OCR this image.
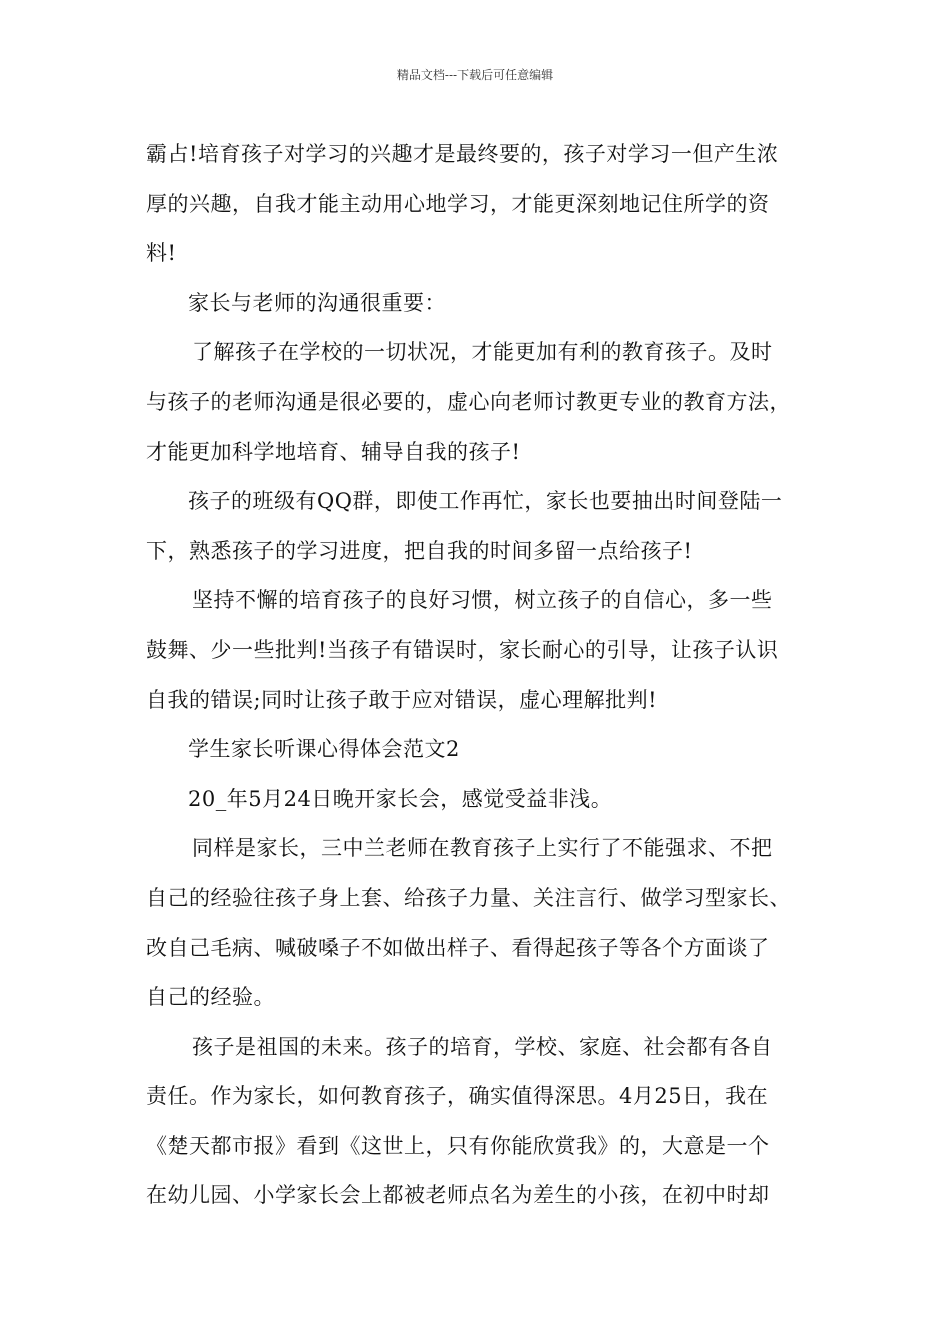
精品文档---下载后可任意编辑
霸占!培育孩子对学习的兴趣才是最终要的，孩子对学习一但产生浓
厚的兴趣，自我才能主动用心地学习，才能更深刻地记住所学的资
料!
家长与老师的沟通很重要：
了解孩子在学校的一切状况，才能更加有利的教育孩子。及时
与孩子的老师沟通是很必要的，虚心向老师讨教更专业的教育方法，
才能更加科学地培育、辅导自我的孩子!
孩子的班级有QQ群，即使工作再忙，家长也要抽出时间登陆一
下，熟悉孩子的学习进度，把自我的时间多留一点给孩子!
坚持不懈的培育孩子的良好习惯，树立孩子的自信心，多一些
鼓舞、少一些批判!当孩子有错误时，家长耐心的引导，让孩子认识
自我的错误;同时让孩子敢于应对错误，虚心理解批判!
学生家长听课心得体会范文2
20_年5月24日晚开家长会，感觉受益非浅。
同样是家长，三中兰老师在教育孩子上实行了不能强求、不把
自己的经验往孩子身上套、给孩子力量、关注言行、做学习型家长、
改自己毛病、喊破嗓子不如做出样子、看得起孩子等各个方面谈了
自己的经验。
孩子是祖国的未来。孩子的培育，学校、家庭、社会都有各自
责任。作为家长，如何教育孩子，确实值得深思。4月25日，我在
《楚天都市报》看到《这世上，只有你能欣赏我》的，大意是一个
在幼儿园、小学家长会上都被老师点名为差生的小孩，在初中时却
